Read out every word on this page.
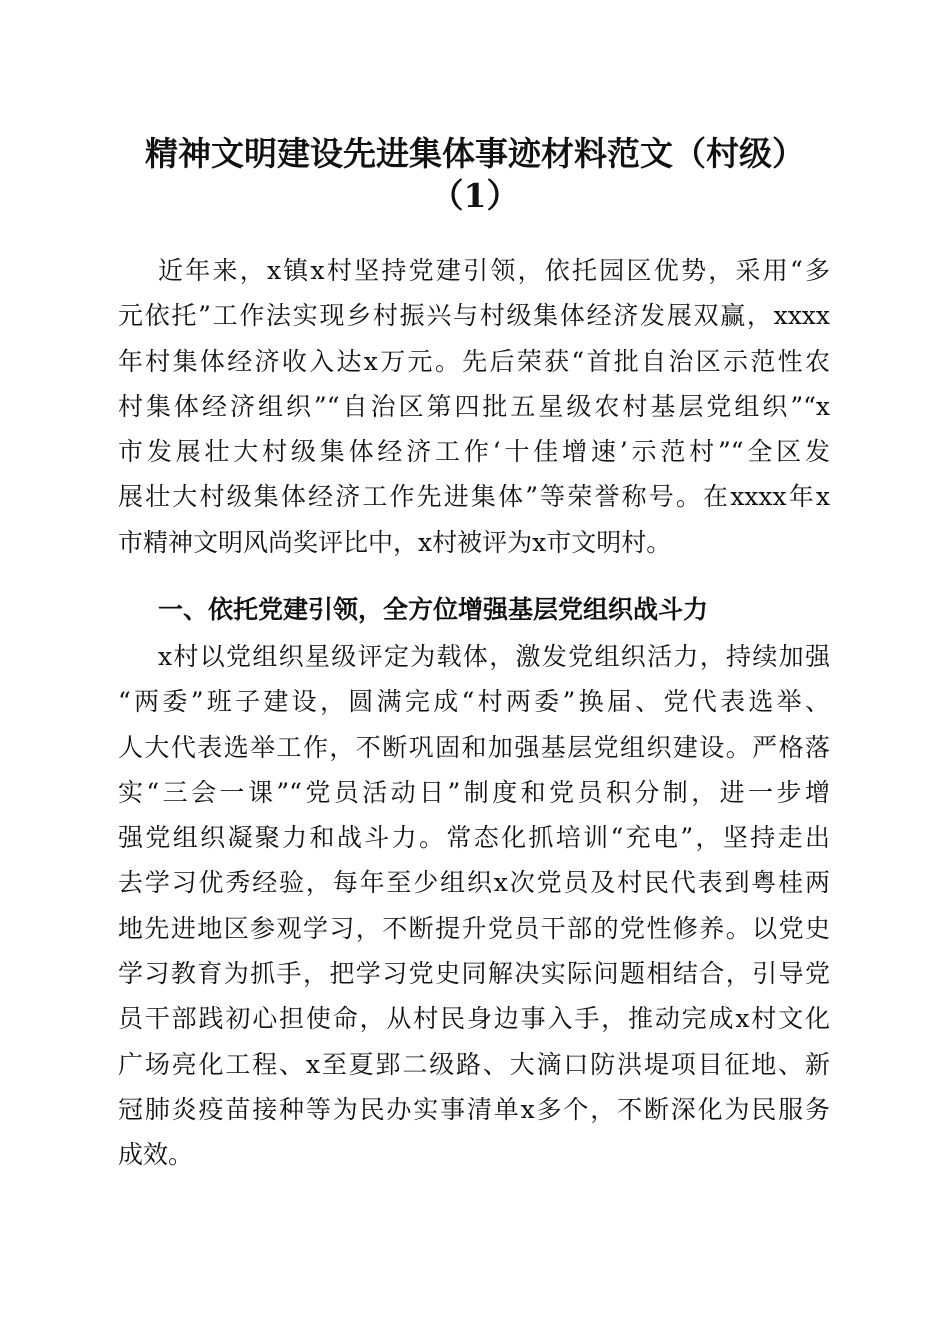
精神文明建设先进集体事迹材料范文（村级）
（1）
近年来，x镇x村坚持党建引领，依托园区优势，采用“多
元依托”工作法实现乡村振兴与村级集体经济发展双赢，xxxx
年村集体经济收入达x万元。先后荣获“首批自治区示范性农
村集体经济组织”“自治区第四批五星级农村基层党组织”“x
市发展壮大村级集体经济工作‘十佳增速’示范村”“全区发
展壮大村级集体经济工作先进集体”等荣誉称号。在xxxx年x
市精神文明风尚奖评比中，x村被评为x市文明村。
一、依托党建引领，全方位增强基层党组织战斗力
x村以党组织星级评定为载体，激发党组织活力，持续加强
“两委”班子建设，圆满完成“村两委”换届、党代表选举、
人大代表选举工作，不断巩固和加强基层党组织建设。严格落
实“三会一课”“党员活动日”制度和党员积分制，进一步增
强党组织凝聚力和战斗力。常态化抓培训“充电”，坚持走出
去学习优秀经验，每年至少组织x次党员及村民代表到粤桂两
地先进地区参观学习，不断提升党员干部的党性修养。以党史
学习教育为抓手，把学习党史同解决实际问题相结合，引导党
员干部践初心担使命，从村民身边事入手，推动完成x村文化
广场亮化工程、x至夏郢二级路、大滴口防洪堤项目征地、新
冠肺炎疫苗接种等为民办实事清单x多个，不断深化为民服务
成效。
